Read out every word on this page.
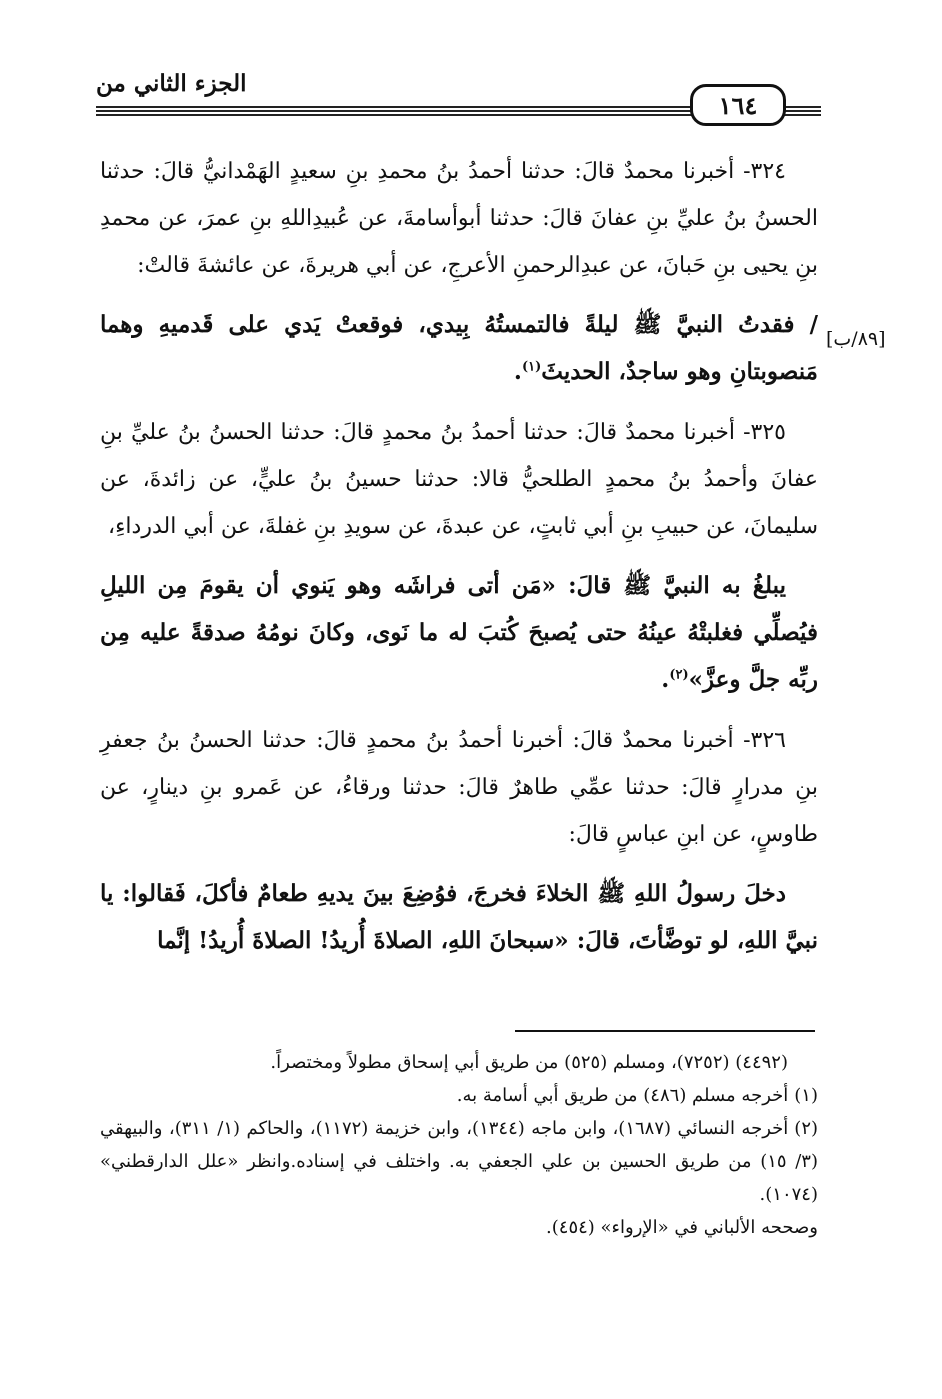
الجزء الثاني من
١٦٤
[٨٩/ب]

٣٢٤- أخبرنا محمدٌ قالَ: حدثنا أحمدُ بنُ محمدِ بنِ سعيدٍ الهَمْدانيُّ قالَ: حدثنا الحسنُ بنُ عليِّ بنِ عفانَ قالَ: حدثنا أبوأسامةَ، عن عُبيدِاللهِ بنِ عمرَ، عن محمدِ بنِ يحيى بنِ حَبانَ، عن عبدِالرحمنِ الأعرجِ، عن أبي هريرةَ، عن عائشةَ قالتْ:

/ فقدتُ النبيَّ ﷺ ليلةً فالتمستُهُ بِيدي، فوقعتْ يَدي على قَدميهِ وهما مَنصوبتانِ وهو ساجدٌ، الحديثَ$^{(١)}$.

٣٢٥- أخبرنا محمدٌ قالَ: حدثنا أحمدُ بنُ محمدٍ قالَ: حدثنا الحسنُ بنُ عليِّ بنِ عفانَ وأحمدُ بنُ محمدٍ الطلحيُّ قالا: حدثنا حسينُ بنُ عليٍّ، عن زائدةَ، عن سليمانَ، عن حبيبِ بنِ أبي ثابتٍ، عن عبدةَ، عن سويدِ بنِ غفلةَ، عن أبي الدرداءِ،

يبلغُ به النبيَّ ﷺ قالَ: «مَن أتى فراشَه وهو يَنوي أن يقومَ مِن الليلِ فيُصلِّي فغلبتْهُ عينُهُ حتى يُصبحَ كُتبَ له ما نَوى، وكانَ نومُهُ صدقةً عليه مِن ربِّه جلَّ وعزَّ»$^{(٢)}$.

٣٢٦- أخبرنا محمدٌ قالَ: أخبرنا أحمدُ بنُ محمدٍ قالَ: حدثنا الحسنُ بنُ جعفرِ بنِ مدرارٍ قالَ: حدثنا عمِّي طاهرٌ قالَ: حدثنا ورقاءُ، عن عَمرو بنِ دينارٍ، عن طاوسٍ، عن ابنِ عباسٍ قالَ:

دخلَ رسولُ اللهِ ﷺ الخلاءَ فخرجَ، فوُضِعَ بينَ يديهِ طعامٌ فأكلَ، فَقالوا: يا نبيَّ اللهِ، لو توضَّأتَ، قالَ: «سبحانَ اللهِ، الصلاةَ أُريدُ! الصلاةَ أُريدُ! إنَّما

(٤٤٩٢) (٧٢٥٢)، ومسلم (٥٢٥) من طريق أبي إسحاق مطولاً ومختصراً.

(١)أخرجه مسلم (٤٨٦) من طريق أبي أسامة به.

(٢)أخرجه النسائي (١٦٨٧)، وابن ماجه (١٣٤٤)، وابن خزيمة (١١٧٢)، والحاكم (١/ ٣١١)، والبيهقي (٣/ ١٥) من طريق الحسين بن علي الجعفي به. واختلف في إسناده.وانظر «علل الدارقطني» (١٠٧٤).

وصححه الألباني في «الإرواء» (٤٥٤).
